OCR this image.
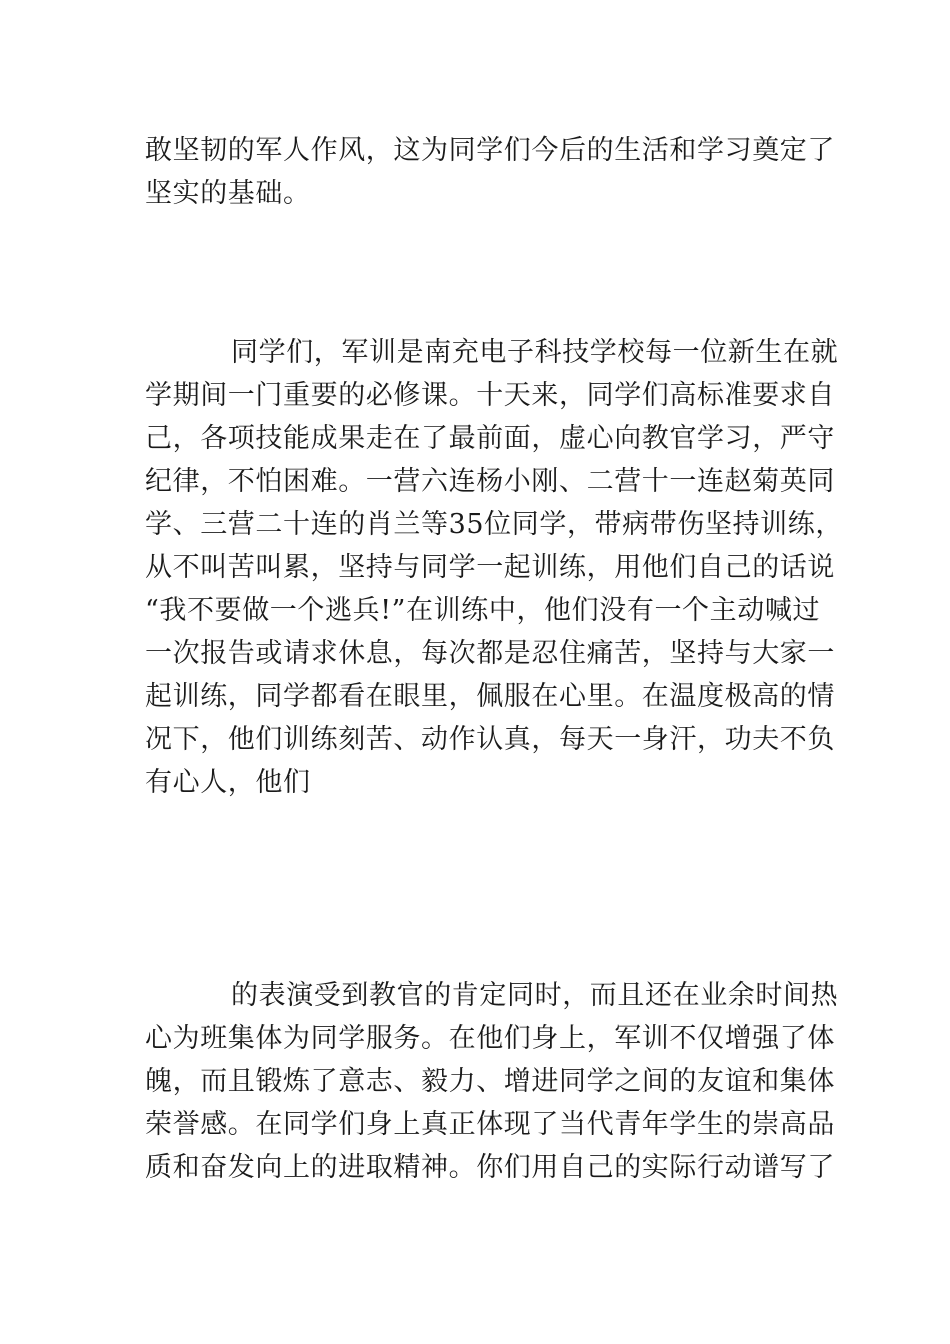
敢坚韧的军人作风，这为同学们今后的生活和学习奠定了
坚实的基础。

同学们，军训是南充电子科技学校每一位新生在就
学期间一门重要的必修课。十天来，同学们高标准要求自
己，各项技能成果走在了最前面，虚心向教官学习，严守
纪律，不怕困难。一营六连杨小刚、二营十一连赵菊英同
学、三营二十连的肖兰等35位同学，带病带伤坚持训练，
从不叫苦叫累，坚持与同学一起训练，用他们自己的话说
“我不要做一个逃兵!”在训练中，他们没有一个主动喊过
一次报告或请求休息，每次都是忍住痛苦，坚持与大家一
起训练，同学都看在眼里，佩服在心里。在温度极高的情
况下，他们训练刻苦、动作认真，每天一身汗，功夫不负
有心人，他们

的表演受到教官的肯定同时，而且还在业余时间热
心为班集体为同学服务。在他们身上，军训不仅增强了体
魄，而且锻炼了意志、毅力、增进同学之间的友谊和集体
荣誉感。在同学们身上真正体现了当代青年学生的崇高品
质和奋发向上的进取精神。你们用自己的实际行动谱写了
